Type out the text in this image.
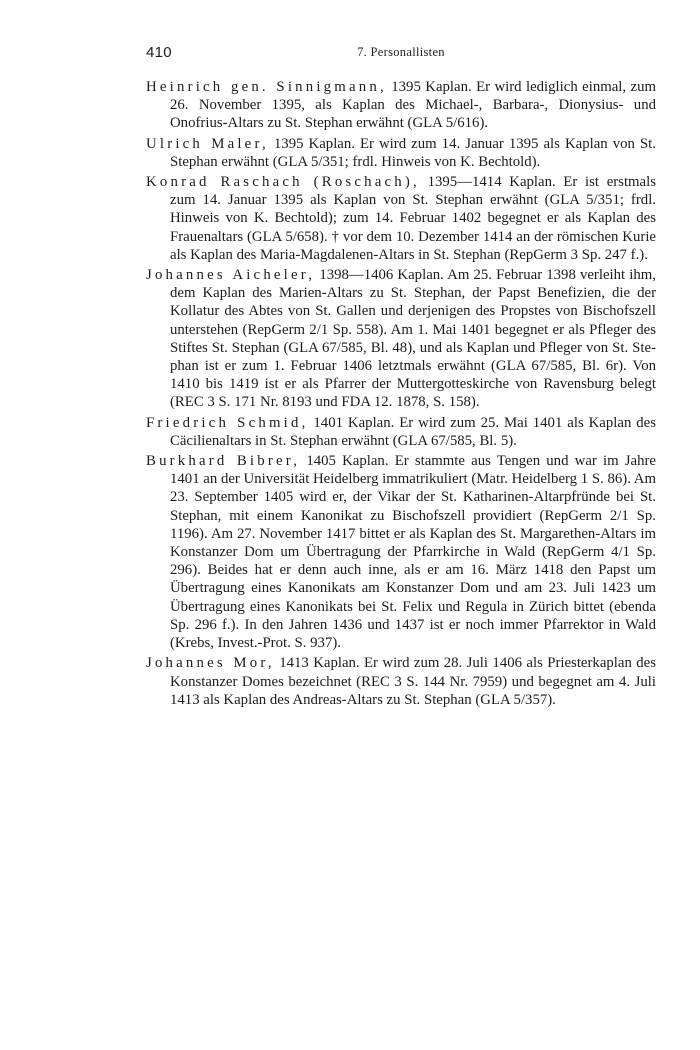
410	7. Personallisten

Heinrich gen. Sinnigmann, 1395 Kaplan. Er wird lediglich einmal, zum 26. November 1395, als Kaplan des Michael-, Barbara-, Dionysius- und Onofrius-Altars zu St. Stephan erwähnt (GLA 5/616).

Ulrich Maler, 1395 Kaplan. Er wird zum 14. Januar 1395 als Kaplan von St. Stephan erwähnt (GLA 5/351; frdl. Hinweis von K. Bechtold).

Konrad Raschach (Roschach), 1395—1414 Kaplan. Er ist erstmals zum 14. Januar 1395 als Kaplan von St. Stephan erwähnt (GLA 5/351; frdl. Hinweis von K. Bechtold); zum 14. Februar 1402 begegnet er als Kaplan des Frauenaltars (GLA 5/658). † vor dem 10. Dezember 1414 an der römischen Kurie als Kaplan des Maria-Magdalenen-Altars in St. Stephan (RepGerm 3 Sp. 247 f.).

Johannes Aicheler, 1398—1406 Kaplan. Am 25. Februar 1398 verleiht ihm, dem Kaplan des Marien-Altars zu St. Stephan, der Papst Benefizien, die der Kollatur des Abtes von St. Gallen und derjenigen des Propstes von Bischofszell unterstehen (RepGerm 2/1 Sp. 558). Am 1. Mai 1401 begegnet er als Pfleger des Stiftes St. Stephan (GLA 67/585, Bl. 48), und als Kaplan und Pfleger von St. Stephan ist er zum 1. Februar 1406 letztmals erwähnt (GLA 67/585, Bl. 6r). Von 1410 bis 1419 ist er als Pfarrer der Muttergotteskirche von Ravensburg belegt (REC 3 S. 171 Nr. 8193 und FDA 12. 1878, S. 158).

Friedrich Schmid, 1401 Kaplan. Er wird zum 25. Mai 1401 als Kaplan des Cäcilienaltars in St. Stephan erwähnt (GLA 67/585, Bl. 5).

Burkhard Bibrer, 1405 Kaplan. Er stammte aus Tengen und war im Jahre 1401 an der Universität Heidelberg immatrikuliert (Matr. Heidelberg 1 S. 86). Am 23. September 1405 wird er, der Vikar der St. Katharinen-Altarpfründe bei St. Stephan, mit einem Kanonikat zu Bischofszell providiert (RepGerm 2/1 Sp. 1196). Am 27. November 1417 bittet er als Kaplan des St. Margarethen-Altars im Konstanzer Dom um Übertragung der Pfarrkirche in Wald (RepGerm 4/1 Sp. 296). Beides hat er denn auch inne, als er am 16. März 1418 den Papst um Übertragung eines Kanonikats am Konstanzer Dom und am 23. Juli 1423 um Übertragung eines Kanonikats bei St. Felix und Regula in Zürich bittet (ebenda Sp. 296 f.). In den Jahren 1436 und 1437 ist er noch immer Pfarrektor in Wald (Krebs, Invest.-Prot. S. 937).

Johannes Mor, 1413 Kaplan. Er wird zum 28. Juli 1406 als Priesterkaplan des Konstanzer Domes bezeichnet (REC 3 S. 144 Nr. 7959) und begegnet am 4. Juli 1413 als Kaplan des Andreas-Altars zu St. Stephan (GLA 5/357).
